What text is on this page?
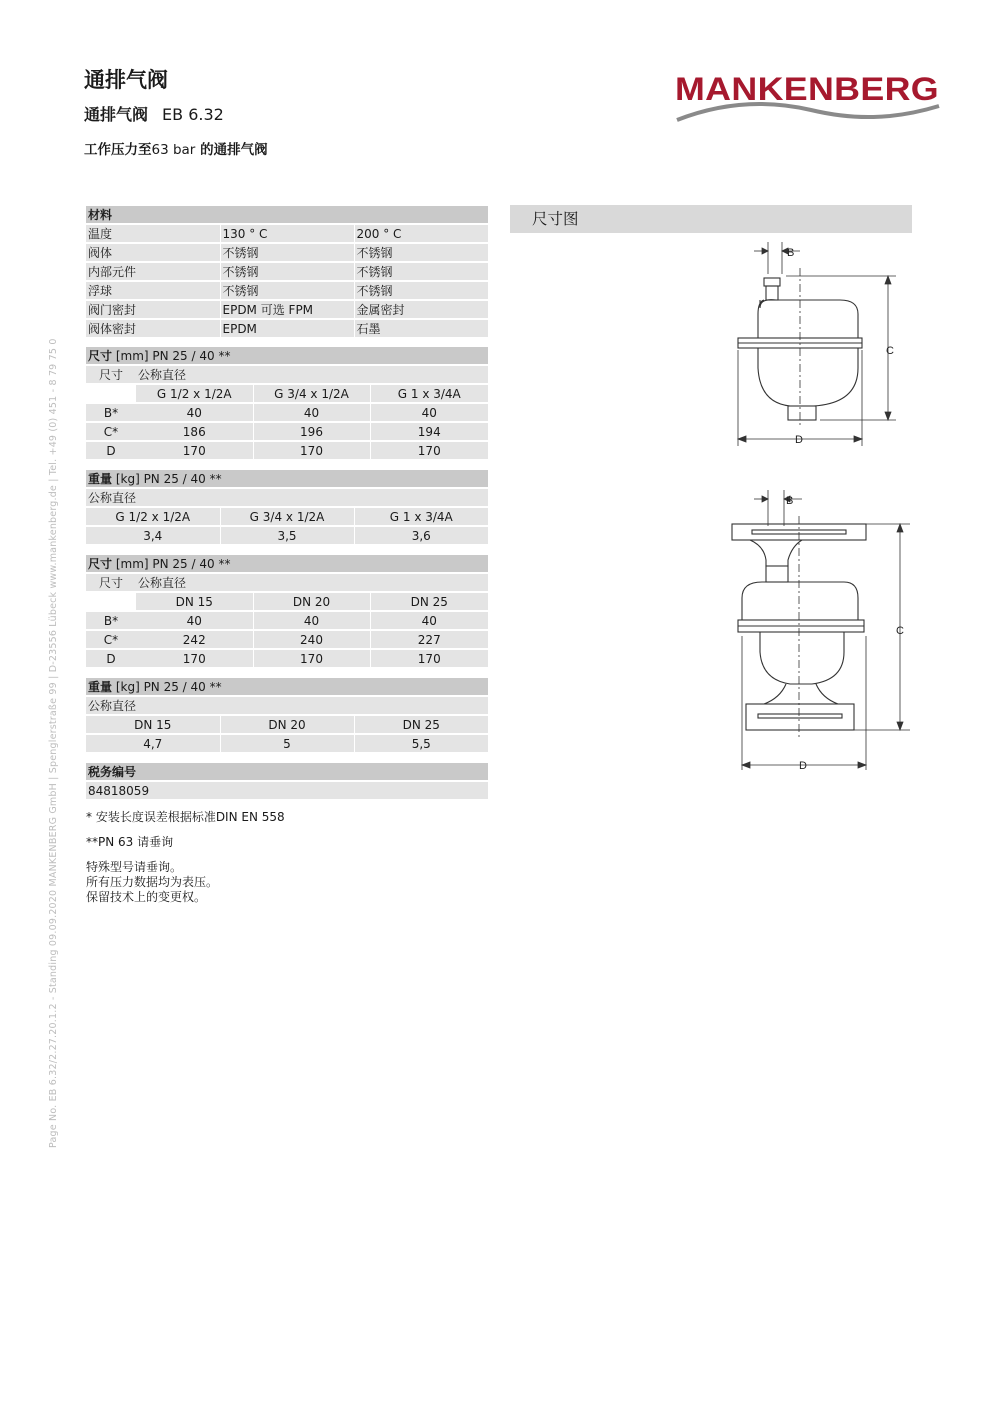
通排气阀
通排气阀 EB 6.32
工作压力至63 bar 的通排气阀
MANKENBERG
Page No. EB 6.32/2.27.20.1.2 - Standing 09.09.2020 MANKENBERG GmbH | Spenglerstraße 99 | D-23556 Lübeck www.mankenberg.de | Tel. +49 (0) 451 - 8 79 75 0
材料		
温度	130 ° C	200 ° C
阀体	不锈钢	不锈钢
内部元件	不锈钢	不锈钢
浮球	不锈钢	不锈钢
阀门密封	EPDM 可选 FPM	金属密封
阀体密封	EPDM	石墨
尺寸 [mm] PN 25 / 40 **			
尺寸	公称直径		
	G 1/2 x 1/2A	G 3/4 x 1/2A	G 1 x 3/4A
B*	40	40	40
C*	186	196	194
D	170	170	170
重量 [kg] PN 25 / 40 **		
公称直径		
G 1/2 x 1/2A	G 3/4 x 1/2A	G 1 x 3/4A
3,4	3,5	3,6
尺寸 [mm] PN 25 / 40 **			
尺寸	公称直径		
	DN 15	DN 20	DN 25
B*	40	40	40
C*	242	240	227
D	170	170	170
重量 [kg] PN 25 / 40 **		
公称直径		
DN 15	DN 20	DN 25
4,7	5	5,5
税务编号
84818059
* 安装长度误差根据标准DIN EN 558
**PN 63 请垂询
特殊型号请垂询。
所有压力数据均为表压。
保留技术上的变更权。
尺寸图
B
C
D
B
C
D
